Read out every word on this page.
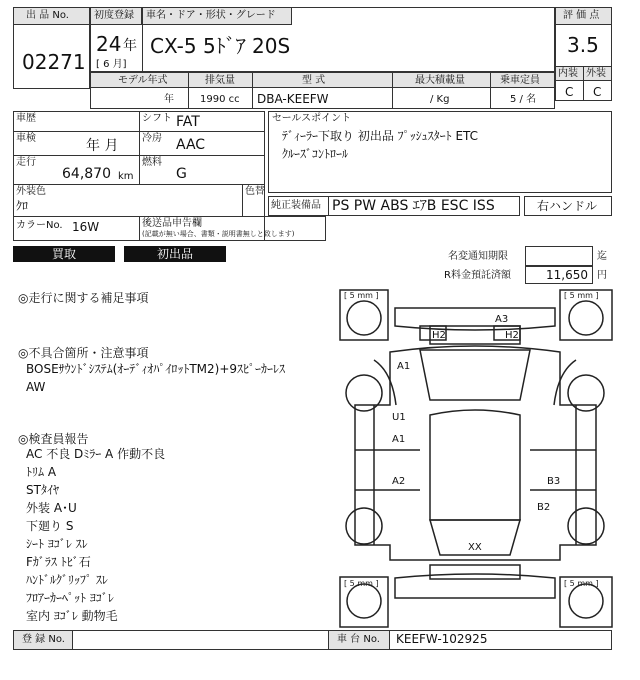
出 品 No.
02271
初度登録 車名・ドア・形状・グレード
24 年
[ 6 月]
CX-5 5ﾄﾞｱ 20S
評 価 点
3.5
内装 外装
C C
モデル年式	排気量	型 式	最大積載量	乗車定員
年	1990 cc DBA-KEEFW	/ Kg	5 / 名
車歴
車検	年 月
走行
64,870 km
シフト FAT
冷房 AAC
燃料
G
外装色
ｸﾛ
色替
カラーNo. 16W	後送品申告欄
(記載が無い場合、書類・説明書無しと致します)
セールスポイント
ﾃﾞｨｰﾗｰ下取り 初出品 ﾌﾟｯｼｭｽﾀｰﾄ ETC
ｸﾙｰｽﾞｺﾝﾄﾛｰﾙ
純正装備品 PS PW ABS ｴｱB ESC ISS	右ハンドル
買取	初出品	名変通知期限	迄
R料金預託済額	11,650 円
◎走行に関する補足事項
◎不具合箇所・注意事項
BOSEｻｳﾝﾄﾞｼｽﾃﾑ(ｵｰﾃﾞｨｵﾊﾟｲﾛｯﾄTM2)+9ｽﾋﾟｰｶｰﾚｽ
AW
◎検査員報告
AC 不良 Dﾐﾗｰ A 作動不良
ﾄﾘﾑ A
STﾀｲﾔ
外装 A･U
下廻り S
ｼｰﾄ ﾖｺﾞﾚ ｽﾚ
Fｶﾞﾗｽ ﾄﾋﾞ石
ﾊﾝﾄﾞﾙｸﾞﾘｯﾌﾟ ｽﾚ
ﾌﾛｱｰｶｰﾍﾟｯﾄ ﾖｺﾞﾚ
室内 ﾖｺﾞﾚ 動物毛
[ 5 mm ]	[ 5 mm ]
[ 5 mm ]	[ 5 mm ]
A3
H2	H2
A1
U1
A1
A2	B3
B2
XX
登 録 No.	車 台 No. KEEFW-102925
